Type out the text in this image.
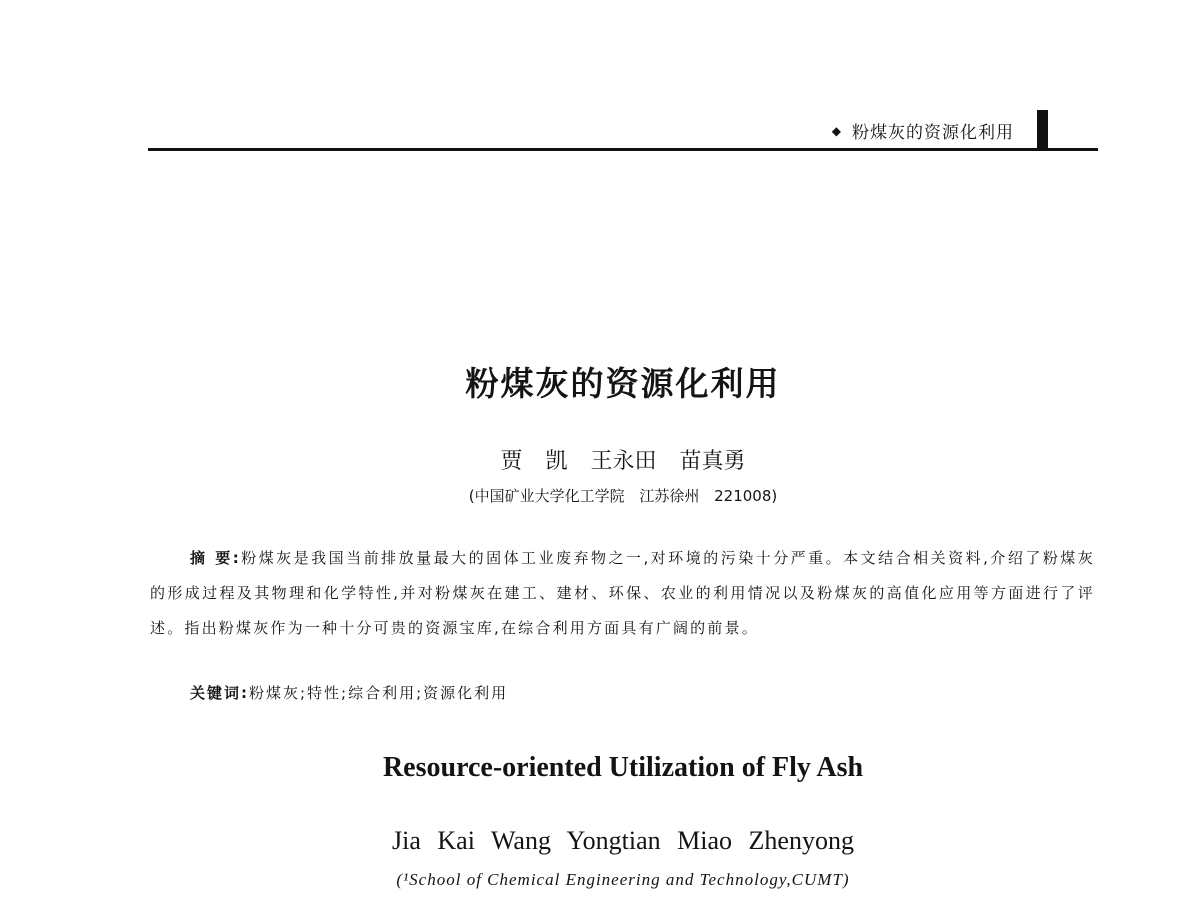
◆ 粉煤灰的资源化利用
粉煤灰的资源化利用
贾 凯 王永田 苗真勇
(中国矿业大学化工学院 江苏徐州 221008)
摘 要:粉煤灰是我国当前排放量最大的固体工业废弃物之一,对环境的污染十分严重。本文结合相关资料,介绍了粉煤灰的形成过程及其物理和化学特性,并对粉煤灰在建工、建材、环保、农业的利用情况以及粉煤灰的高值化应用等方面进行了评述。指出粉煤灰作为一种十分可贵的资源宝库,在综合利用方面具有广阔的前景。
关键词:粉煤灰;特性;综合利用;资源化利用
Resource-oriented Utilization of Fly Ash
Jia Kai Wang Yongtian Miao Zhenyong
(¹School of Chemical Engineering and Technology,CUMT)
